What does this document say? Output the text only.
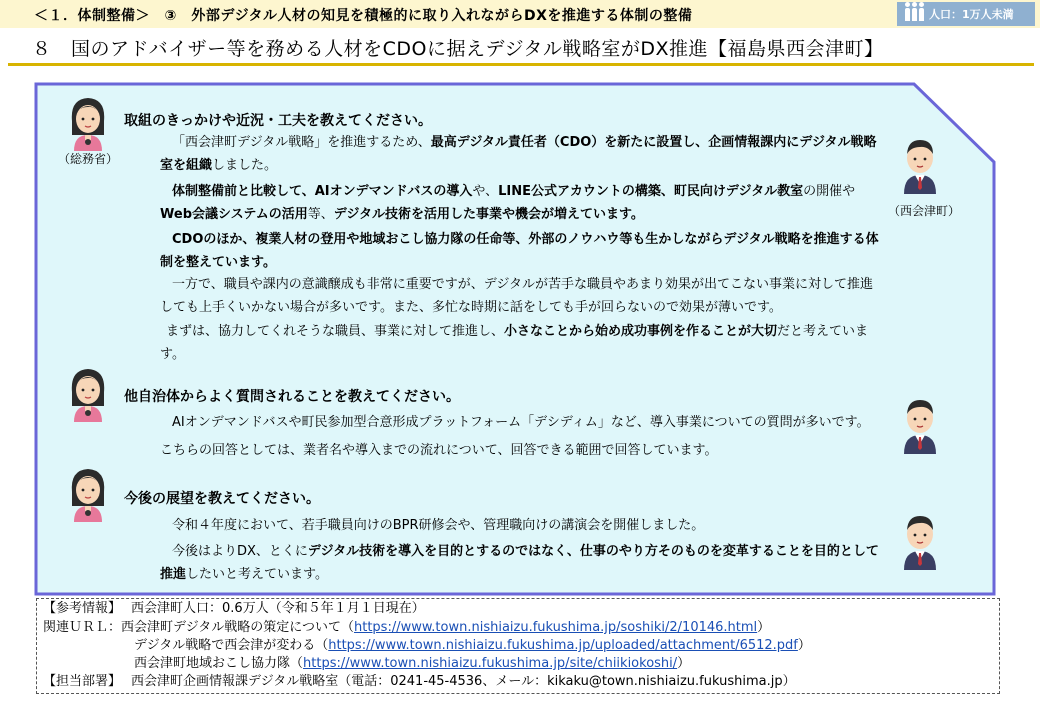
＜１．体制整備＞　③　外部デジタル人材の知見を積極的に取り入れながらDXを推進する体制の整備	人口：1万人未満
８　国のアドバイザー等を務める人材をCDOに据えデジタル戦略室がDX推進【福島県西会津町】
（総務省）
（西会津町）
取組のきっかけや近況・工夫を教えてください。
「西会津町デジタル戦略」を推進するため、最高デジタル責任者（CDO）を新たに設置し、企画情報課内にデジタル戦略室を組織しました。
体制整備前と比較して、AIオンデマンドバスの導入や、LINE公式アカウントの構築、町民向けデジタル教室の開催やWeb会議システムの活用等、デジタル技術を活用した事業や機会が増えています。
CDOのほか、複業人材の登用や地域おこし協力隊の任命等、外部のノウハウ等も生かしながらデジタル戦略を推進する体制を整えています。
一方で、職員や課内の意識醸成も非常に重要ですが、デジタルが苦手な職員やあまり効果が出てこない事業に対して推進しても上手くいかない場合が多いです。また、多忙な時期に話をしても手が回らないので効果が薄いです。
まずは、協力してくれそうな職員、事業に対して推進し、小さなことから始め成功事例を作ることが大切だと考えています。
他自治体からよく質問されることを教えてください。
AIオンデマンドバスや町民参加型合意形成プラットフォーム「デシディム」など、導入事業についての質問が多いです。
こちらの回答としては、業者名や導入までの流れについて、回答できる範囲で回答しています。
今後の展望を教えてください。
令和４年度において、若手職員向けのBPR研修会や、管理職向けの講演会を開催しました。
今後はよりDX、とくにデジタル技術を導入を目的とするのではなく、仕事のやり方そのものを変革することを目的として推進したいと考えています。
【参考情報】 西会津町人口：0.6万人（令和５年１月１日現在）
関連ＵＲＬ：西会津町デジタル戦略の策定について（https://www.town.nishiaizu.fukushima.jp/soshiki/2/10146.html）
デジタル戦略で西会津が変わる（https://www.town.nishiaizu.fukushima.jp/uploaded/attachment/6512.pdf）
西会津町地域おこし協力隊（https://www.town.nishiaizu.fukushima.jp/site/chiikiokoshi/）
【担当部署】 西会津町企画情報課デジタル戦略室（電話：0241-45-4536、メール：kikaku@town.nishiaizu.fukushima.jp）
